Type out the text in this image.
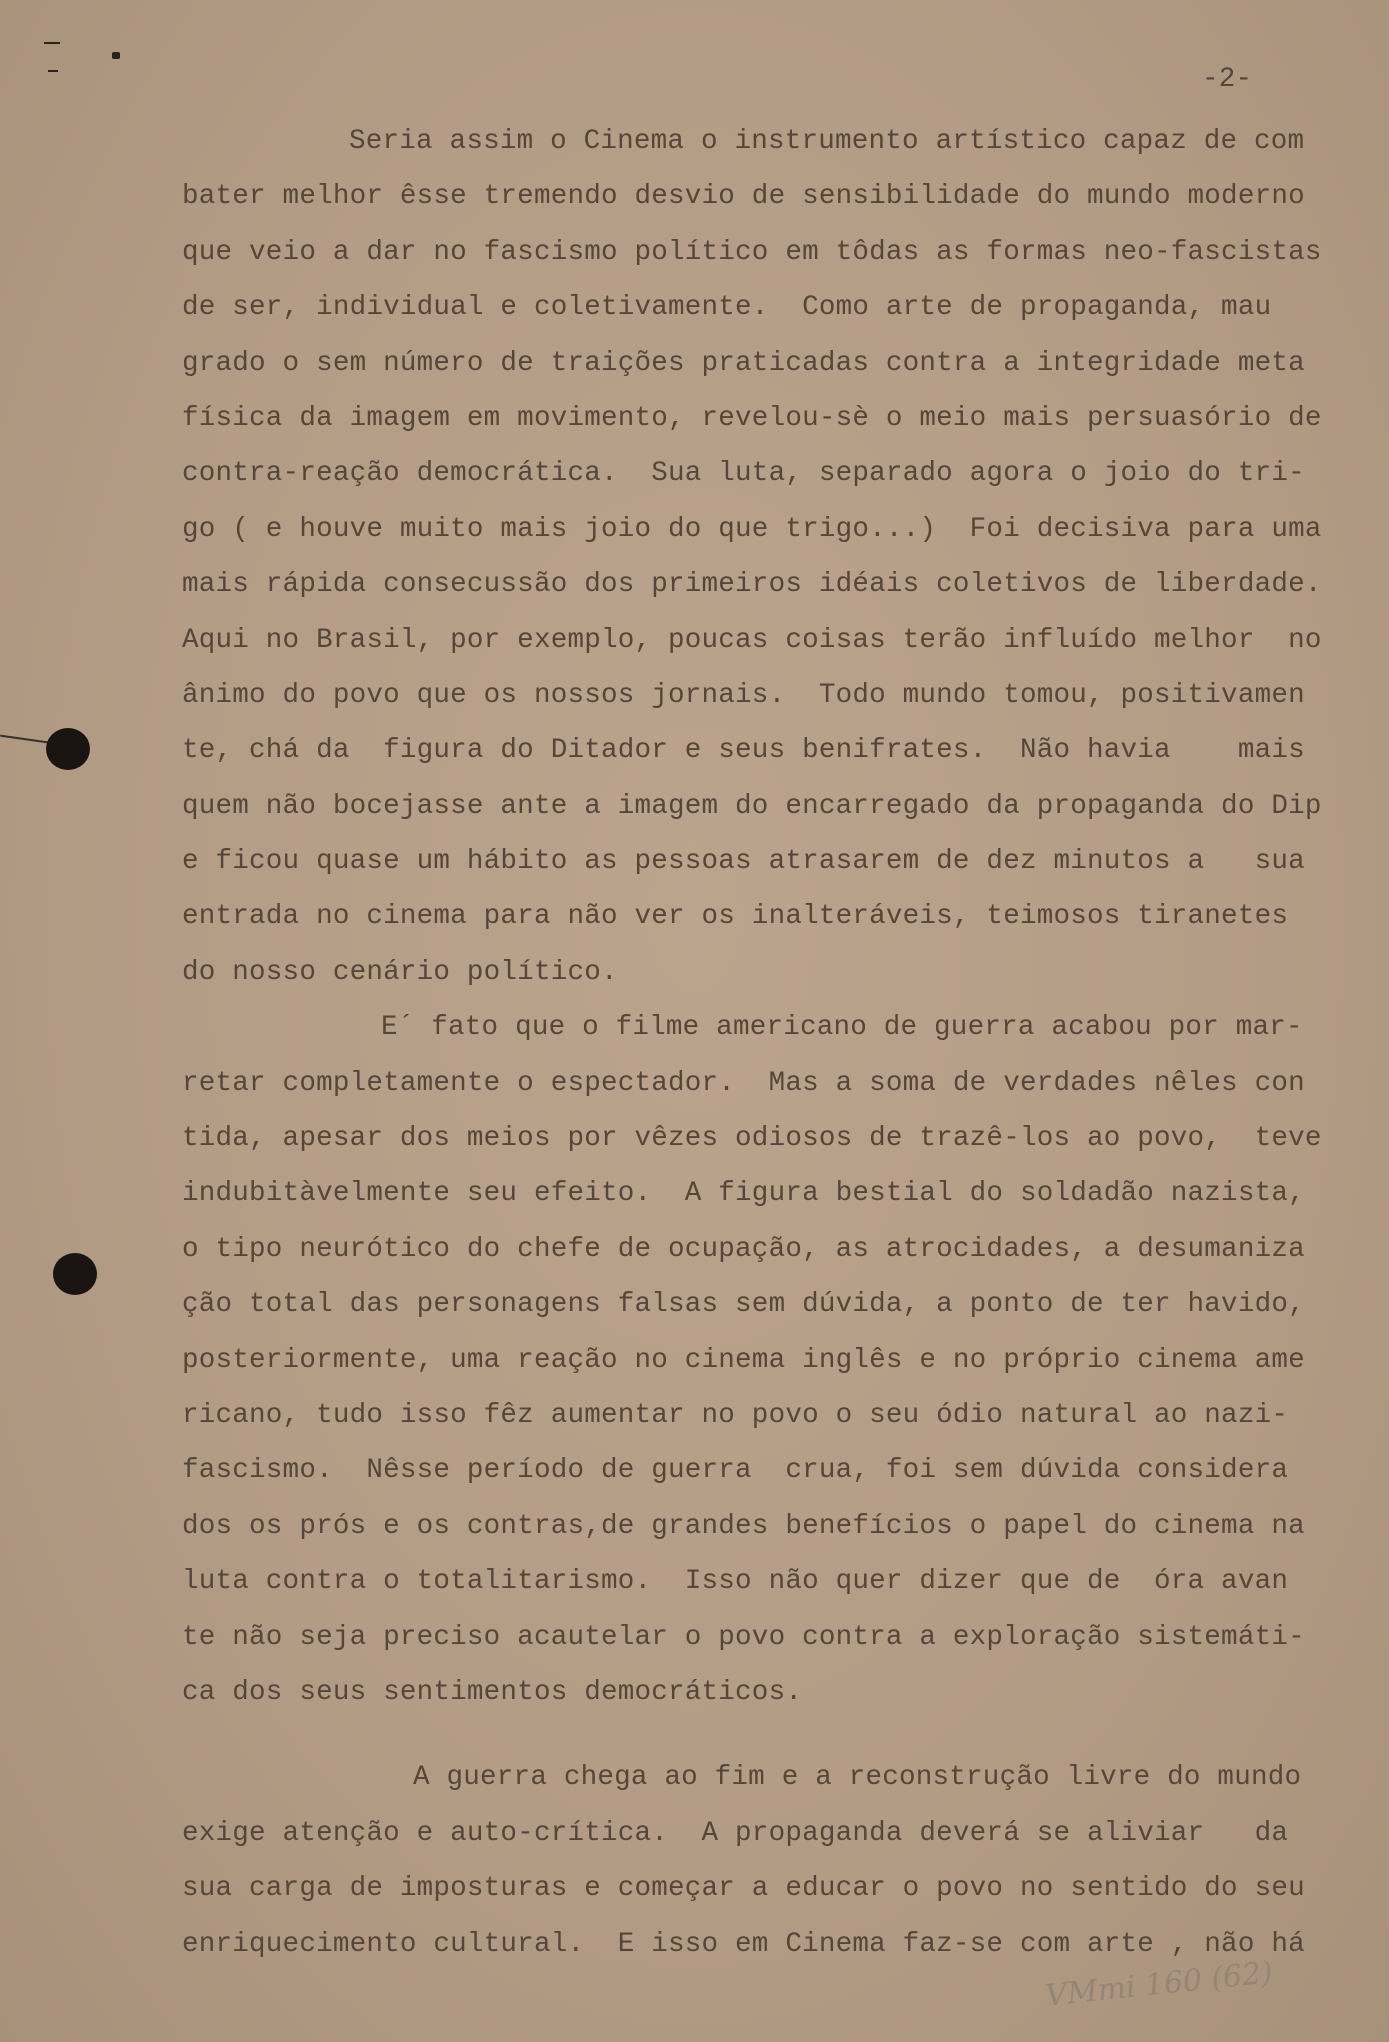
-2-
Seria assim o Cinema o instrumento artístico capaz de com
bater melhor êsse tremendo desvio de sensibilidade do mundo moderno
que veio a dar no fascismo político em tôdas as formas neo-fascistas
de ser, individual e coletivamente.  Como arte de propaganda, mau
grado o sem número de traições praticadas contra a integridade meta
física da imagem em movimento, revelou-sè o meio mais persuasório de
contra-reação democrática.  Sua luta, separado agora o joio do tri-
go ( e houve muito mais joio do que trigo...)  Foi decisiva para uma
mais rápida consecussão dos primeiros idéais coletivos de liberdade.
Aqui no Brasil, por exemplo, poucas coisas terão influído melhor  no
ânimo do povo que os nossos jornais.  Todo mundo tomou, positivamen
te, chá da  figura do Ditador e seus benifrates.  Não havia    mais
quem não bocejasse ante a imagem do encarregado da propaganda do Dip
e ficou quase um hábito as pessoas atrasarem de dez minutos a   sua
entrada no cinema para não ver os inalteráveis, teimosos tiranetes
do nosso cenário político.
E´ fato que o filme americano de guerra acabou por mar-
retar completamente o espectador.  Mas a soma de verdades nêles con
tida, apesar dos meios por vêzes odiosos de trazê-los ao povo,  teve
indubitàvelmente seu efeito.  A figura bestial do soldadão nazista,
o tipo neurótico do chefe de ocupação, as atrocidades, a desumaniza
ção total das personagens falsas sem dúvida, a ponto de ter havido,
posteriormente, uma reação no cinema inglês e no próprio cinema ame
ricano, tudo isso fêz aumentar no povo o seu ódio natural ao nazi-
fascismo.  Nêsse período de guerra  crua, foi sem dúvida considera
dos os prós e os contras,de grandes benefícios o papel do cinema na
luta contra o totalitarismo.  Isso não quer dizer que de  óra avan
te não seja preciso acautelar o povo contra a exploração sistemáti-
ca dos seus sentimentos democráticos.
A guerra chega ao fim e a reconstrução livre do mundo
exige atenção e auto-crítica.  A propaganda deverá se aliviar   da
sua carga de imposturas e começar a educar o povo no sentido do seu
enriquecimento cultural.  E isso em Cinema faz-se com arte , não há
VMmi 160 (62)
